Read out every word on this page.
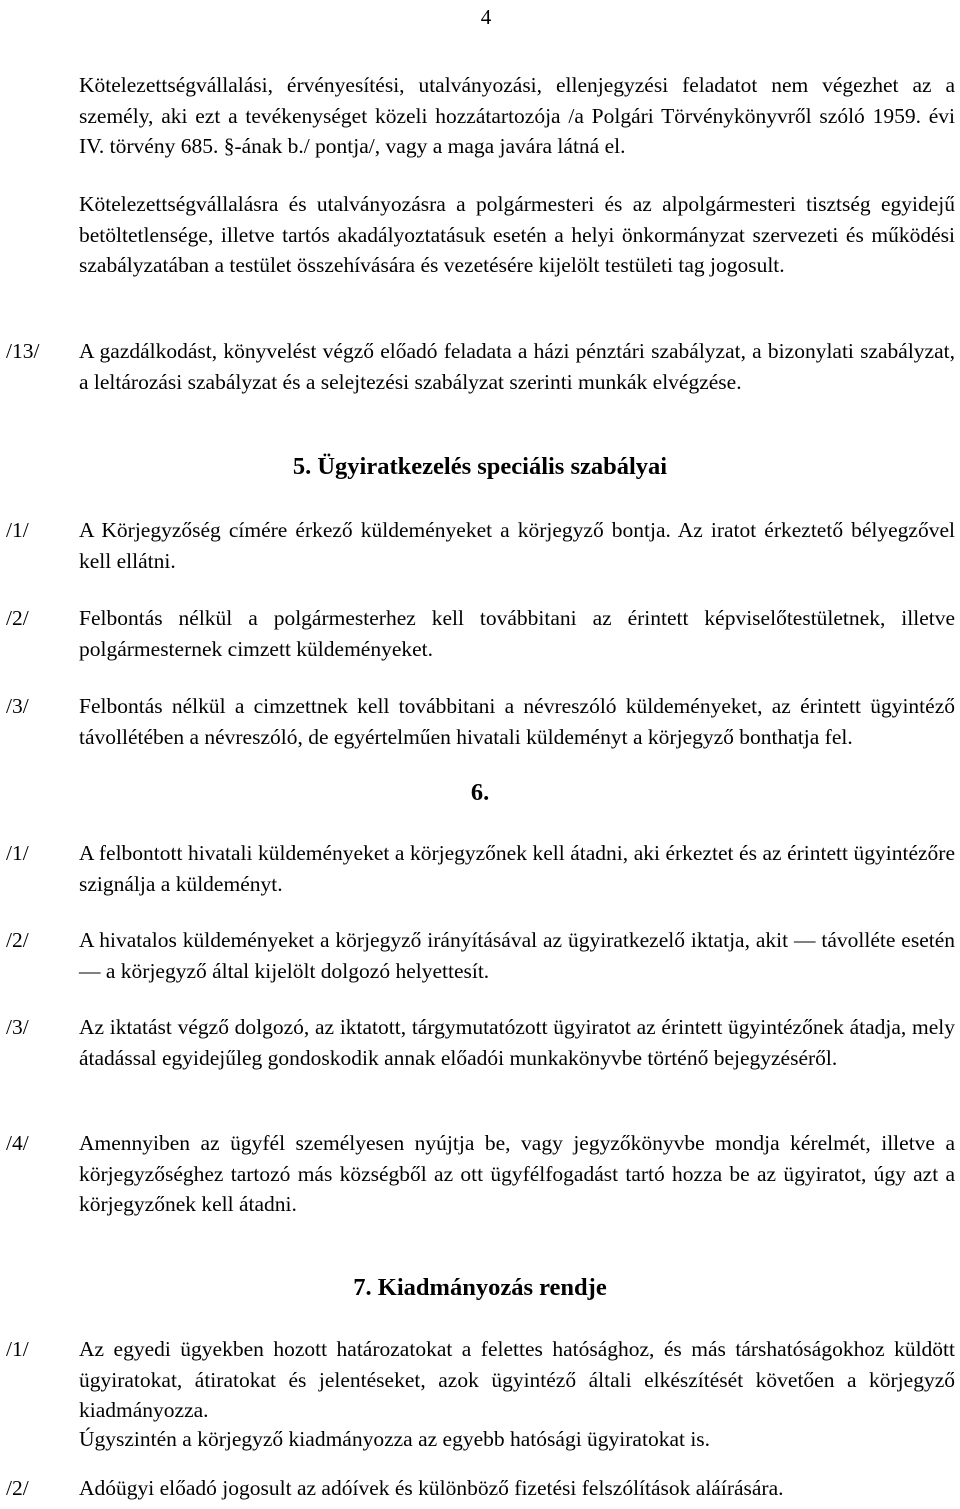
4
Kötelezettségvállalási, érvényesítési, utalványozási, ellenjegyzési feladatot nem végezhet az a személy, aki ezt a tevékenységet közeli hozzátartozója /a Polgári Törvénykönyvről szóló 1959. évi IV. törvény 685. §-ának b./ pontja/, vagy a maga javára látná el.
Kötelezettségvállalásra és utalványozásra a polgármesteri és az alpolgármesteri tisztség egyidejű betöltetlensége, illetve tartós akadályoztatásuk esetén a helyi önkormányzat szervezeti és működési szabályzatában a testület összehívására és vezetésére kijelölt testületi tag jogosult.
/13/ A gazdálkodást, könyvelést végző előadó feladata a házi pénztári szabályzat, a bizonylati szabályzat, a leltározási szabályzat és a selejtezési szabályzat szerinti munkák elvégzése.
5. Ügyiratkezelés speciális szabályai
/1/ A Körjegyzőség címére érkező küldeményeket a körjegyző bontja. Az iratot érkeztető bélyegzővel kell ellátni.
/2/ Felbontás nélkül a polgármesterhez kell továbbitani az érintett képviselőtestületnek, illetve polgármesternek cimzett küldeményeket.
/3/ Felbontás nélkül a cimzettnek kell továbbitani a névreszóló küldeményeket, az érintett ügyintéző távollétében a névreszóló, de egyértelműen hivatali küldeményt a körjegyző bonthatja fel.
6.
/1/ A felbontott hivatali küldeményeket a körjegyzőnek kell átadni, aki érkeztet és az érintett ügyintézőre szignálja a küldeményt.
/2/ A hivatalos küldeményeket a körjegyző irányításával az ügyiratkezelő iktatja, akit — távolléte esetén — a körjegyző által kijelölt dolgozó helyettesít.
/3/ Az iktatást végző dolgozó, az iktatott, tárgymutatózott ügyiratot az érintett ügyintézőnek átadja, mely átadással egyidejűleg gondoskodik annak előadói munkakönyvbe történő bejegyzéséről.
/4/ Amennyiben az ügyfél személyesen nyújtja be, vagy jegyzőkönyvbe mondja kérelmét, illetve a körjegyzőséghez tartozó más községből az ott ügyfélfogadást tartó hozza be az ügyiratot, úgy azt a körjegyzőnek kell átadni.
7. Kiadmányozás rendje
/1/ Az egyedi ügyekben hozott határozatokat a felettes hatósághoz, és más társhatóságokhoz küldött ügyiratokat, átiratokat és jelentéseket, azok ügyintéző általi elkészítését követően a körjegyző kiadmányozza.
Úgyszintén a körjegyző kiadmányozza az egyebb hatósági ügyiratokat is.
/2/ Adóügyi előadó jogosult az adóívek és különböző fizetési felszólítások aláírására.
